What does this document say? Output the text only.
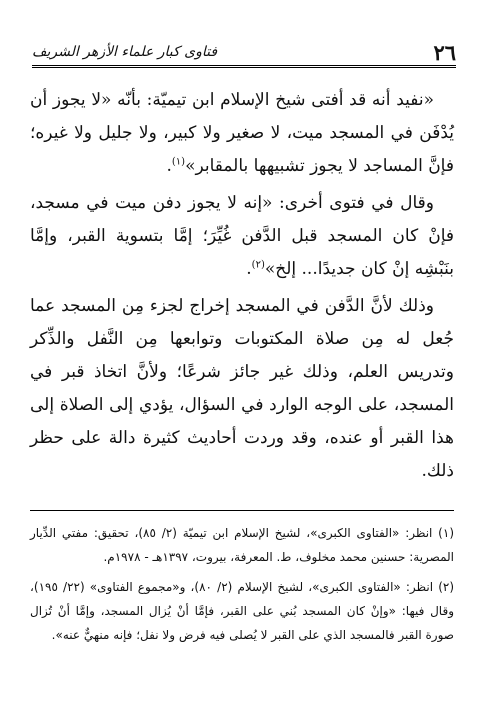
٢٦
فتاوى كبار علماء الأزهر الشريف

«نفيد أنه قد أفتى شيخ الإسلام ابن تيميّة: بأنّه «لا يجوز أن يُدْفَن في المسجد ميت، لا صغير ولا كبير، ولا جليل ولا غيره؛ فإنَّ المساجد لا يجوز تشبيهها بالمقابر»$^{(١)}$.

وقال في فتوى أخرى: «إنه لا يجوز دفن ميت في مسجد، فإنْ كان المسجد قبل الدَّفن غُيِّرَ؛ إمَّا بتسوية القبر، وإمَّا بنَبْشِه إنْ كان جديدًا... إلخ»$^{(٢)}$.

وذلك لأنَّ الدَّفن في المسجد إخراج لجزء مِن المسجد عما جُعل له مِن صلاة المكتوبات وتوابعها مِن النَّفل والذِّكر وتدريس العلم، وذلك غير جائز شرعًا؛ ولأنَّ اتخاذ قبر في المسجد، على الوجه الوارد في السؤال، يؤدي إلى الصلاة إلى هذا القبر أو عنده، وقد وردت أحاديث كثيرة دالة على حظر ذلك.

(١) انظر: «الفتاوى الكبرى»، لشيخ الإسلام ابن تيميّة (٢/ ٨٥)، تحقيق: مفتي الدِّيار المصرية: حسنين محمد مخلوف، ط. المعرفة، بيروت، ١٣٩٧هـ - ١٩٧٨م.

(٢) انظر: «الفتاوى الكبرى»، لشيخ الإسلام (٢/ ٨٠)، و«مجموع الفتاوى» (٢٢/ ١٩٥)، وقال فيها: «وإنْ كان المسجد بُني على القبر، فإمَّا أنْ يُزال المسجد، وإمَّا أنْ تُزال صورة القبر فالمسجد الذي على القبر لا يُصلى فيه فرض ولا نفل؛ فإنه منهيٌّ عنه».
